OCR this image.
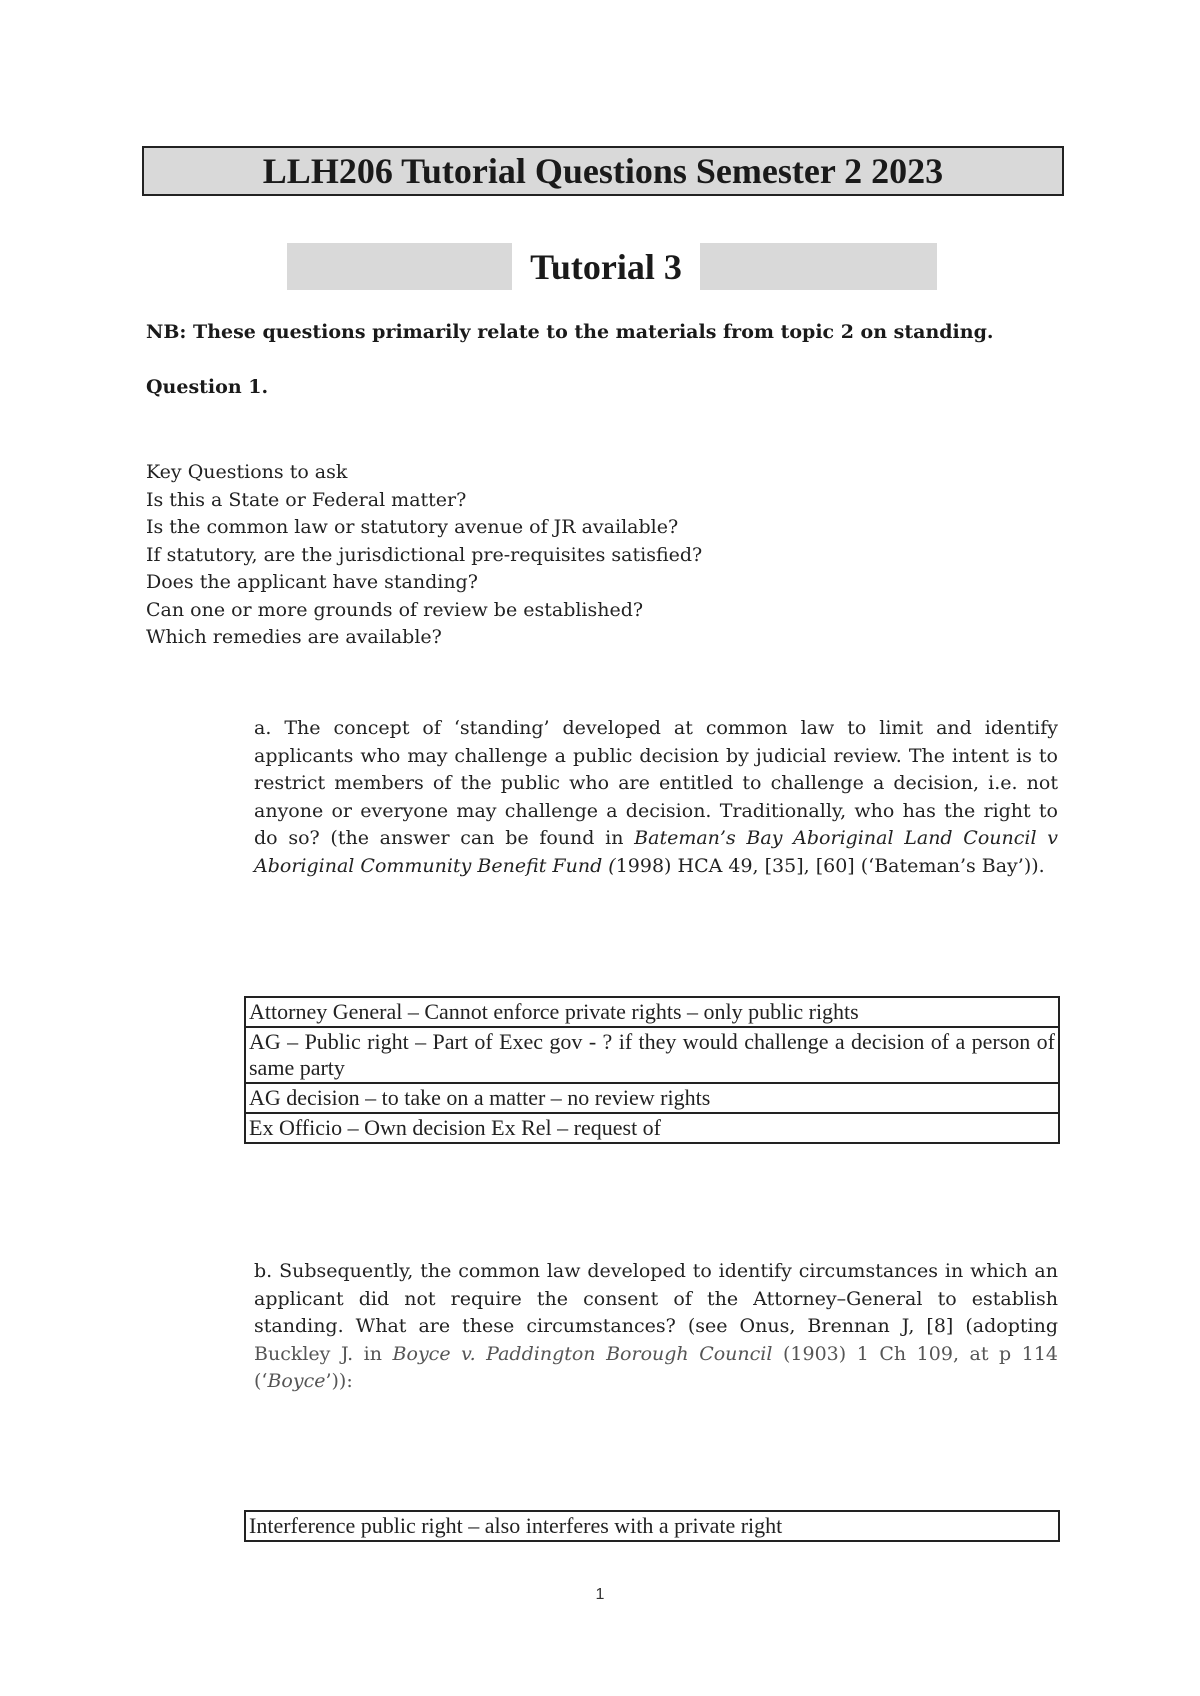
LLH206 Tutorial Questions Semester 2 2023
Tutorial 3
NB: These questions primarily relate to the materials from topic 2 on standing.
Question 1.
Key Questions to ask
Is this a State or Federal matter?
Is the common law or statutory avenue of JR available?
If statutory, are the jurisdictional pre-requisites satisfied?
Does the applicant have standing?
Can one or more grounds of review be established?
Which remedies are available?
a. The concept of ‘standing’ developed at common law to limit and identify applicants who may challenge a public decision by judicial review. The intent is to restrict members of the public who are entitled to challenge a decision, i.e. not anyone or everyone may challenge a decision. Traditionally, who has the right to do so? (the answer can be found in Bateman’s Bay Aboriginal Land Council v Aboriginal Community Benefit Fund (1998) HCA 49, [35], [60] (‘Bateman’s Bay’)).
Attorney General – Cannot enforce private rights – only public rights
AG – Public right – Part of Exec gov - ? if they would challenge a decision of a person of same party
AG decision – to take on a matter – no review rights
Ex Officio – Own decision Ex Rel – request of
b. Subsequently, the common law developed to identify circumstances in which an applicant did not require the consent of the Attorney–General to establish standing. What are these circumstances? (see Onus, Brennan J, [8] (adopting Buckley J. in Boyce v. Paddington Borough Council (1903) 1 Ch 109, at p 114 (‘Boyce’)):
Interference public right – also interferes with a private right
1
